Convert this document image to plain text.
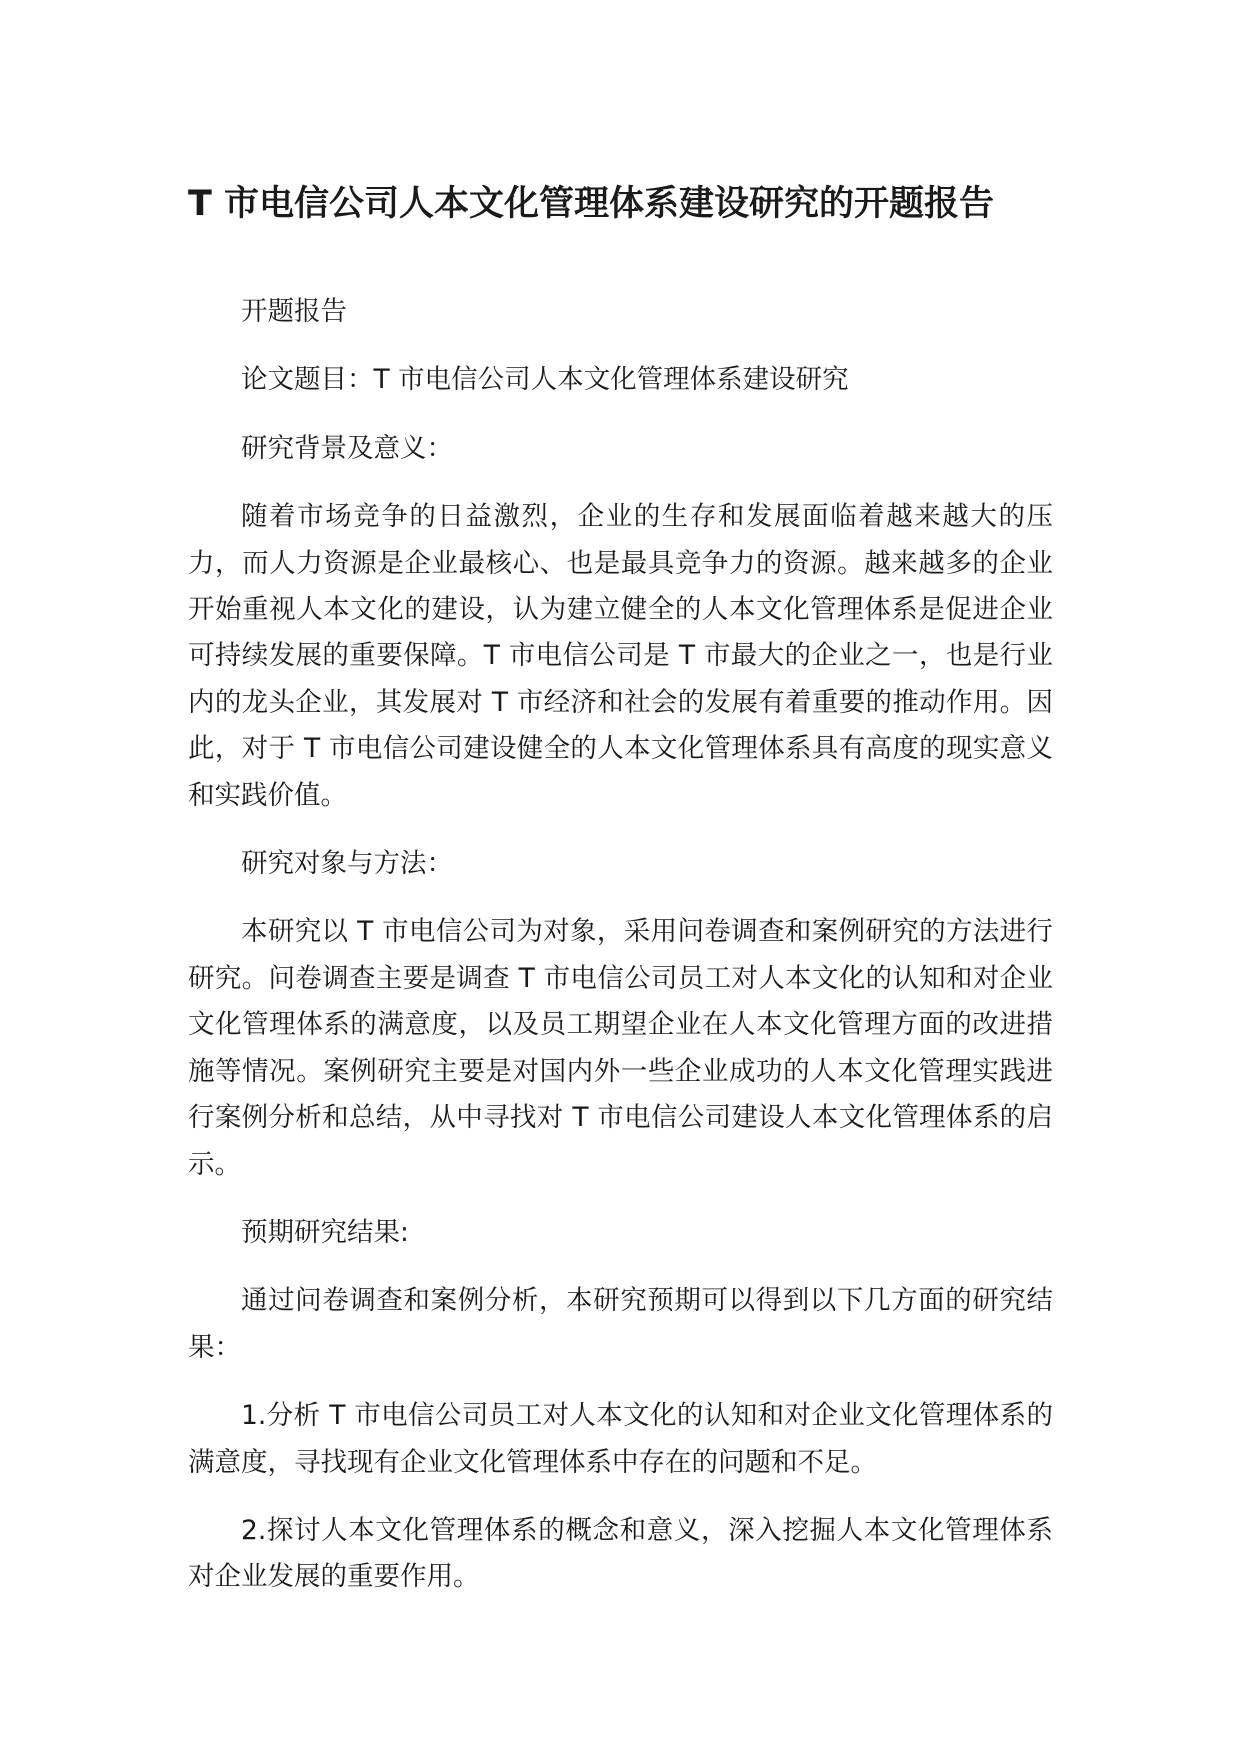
T 市电信公司人本文化管理体系建设研究的开题报告

开题报告

论文题目：T 市电信公司人本文化管理体系建设研究

研究背景及意义：

随着市场竞争的日益激烈，企业的生存和发展面临着越来越大的压力，而人力资源是企业最核心、也是最具竞争力的资源。越来越多的企业开始重视人本文化的建设，认为建立健全的人本文化管理体系是促进企业可持续发展的重要保障。T 市电信公司是 T 市最大的企业之一，也是行业内的龙头企业，其发展对 T 市经济和社会的发展有着重要的推动作用。因此，对于 T 市电信公司建设健全的人本文化管理体系具有高度的现实意义和实践价值。

研究对象与方法：

本研究以 T 市电信公司为对象，采用问卷调查和案例研究的方法进行研究。问卷调查主要是调查 T 市电信公司员工对人本文化的认知和对企业文化管理体系的满意度，以及员工期望企业在人本文化管理方面的改进措施等情况。案例研究主要是对国内外一些企业成功的人本文化管理实践进行案例分析和总结，从中寻找对 T 市电信公司建设人本文化管理体系的启示。

预期研究结果:

通过问卷调查和案例分析，本研究预期可以得到以下几方面的研究结果：

1.分析 T 市电信公司员工对人本文化的认知和对企业文化管理体系的满意度，寻找现有企业文化管理体系中存在的问题和不足。

2.探讨人本文化管理体系的概念和意义，深入挖掘人本文化管理体系对企业发展的重要作用。
